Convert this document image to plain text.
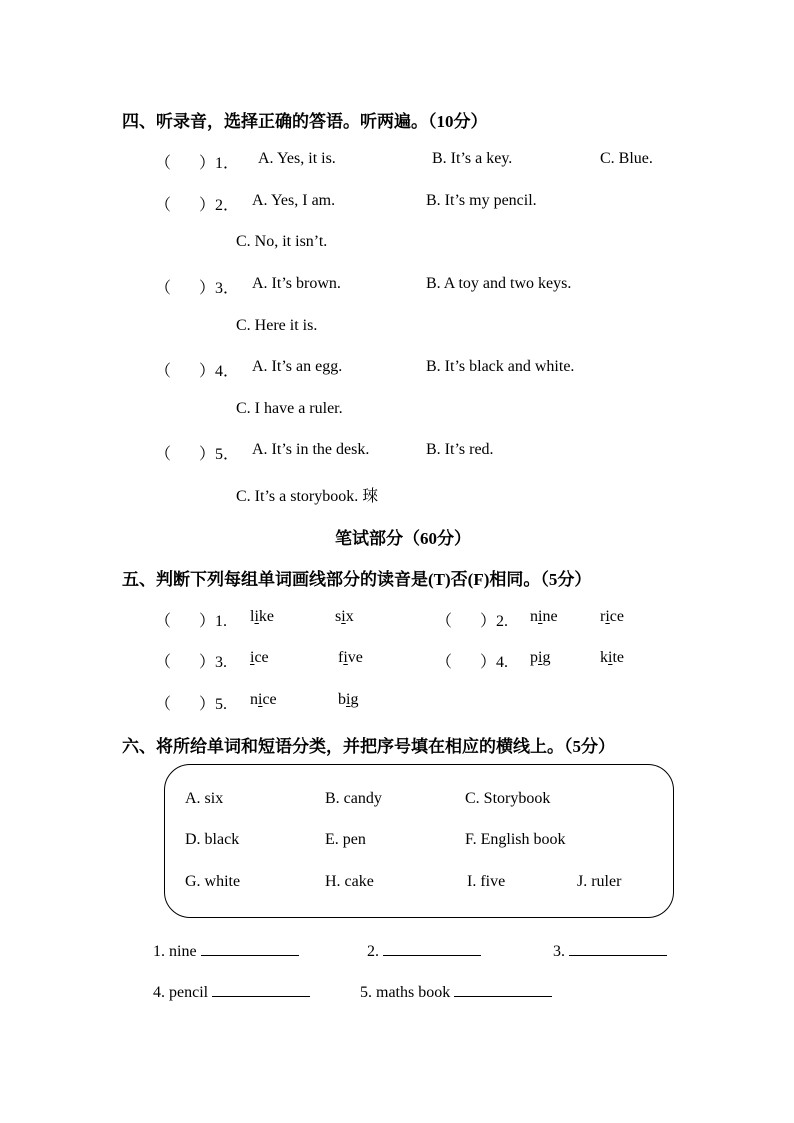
四、听录音，选择正确的答语。听两遍。（10分）
（ ）1． A. Yes, it is.	B. It’s a key.	C. Blue.
（ ）2． A. Yes, I am.	B. It’s my pencil.
C. No, it isn’t.
（ ）3． A. It’s brown.	B. A toy and two keys.
C. Here it is.
（ ）4． A. It’s an egg.	B. It’s black and white.
C. I have a ruler.
（ ）5． A. It’s in the desk.	B. It’s red.
C. It’s a storybook. 琜
笔试部分（60分）
五、判断下列每组单词画线部分的读音是(T)否(F)相同。（5分）
（ ）1. like	six	（ ）2. nine	rice
（ ）3. ice	five	（ ）4. pig	kite
（ ）5. nice	big
六、将所给单词和短语分类，并把序号填在相应的横线上。（5分）
A. six	B. candy	C. Storybook
D. black	E. pen	F. English book
G. white	H. cake	I. five	J. ruler
1. nine	2.	3.
4. pencil	5. maths book
